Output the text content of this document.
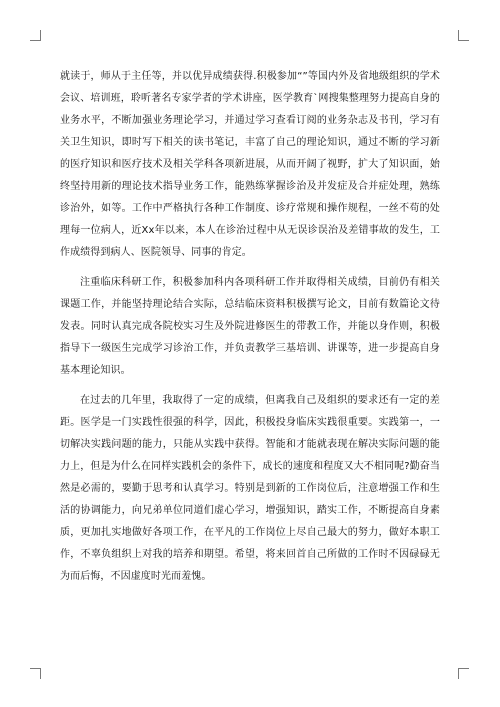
就读于，师从于主任等，并以优异成绩获得.积极参加“”等国内外及省地级组织的学术会议、培训班，聆听著名专家学者的学术讲座，医学教育`网搜集整理努力提高自身的业务水平，不断加强业务理论学习，并通过学习查看订阅的业务杂志及书刊，学习有关卫生知识，即时写下相关的读书笔记，丰富了自己的理论知识，通过不断的学习新的医疗知识和医疗技术及相关学科各项新进展，从而开阔了视野，扩大了知识面，始终坚持用新的理论技术指导业务工作，能熟练掌握诊治及并发症及合并症处理，熟练诊治外，如等。工作中严格执行各种工作制度、诊疗常规和操作规程，一丝不苟的处理每一位病人，近Xx年以来，本人在诊治过程中从无误诊误治及差错事故的发生，工作成绩得到病人、医院领导、同事的肯定。

注重临床科研工作，积极参加科内各项科研工作并取得相关成绩，目前仍有相关课题工作，并能坚持理论结合实际，总结临床资料积极撰写论文，目前有数篇论文待发表。同时认真完成各院校实习生及外院进修医生的带教工作，并能以身作则，积极指导下一级医生完成学习诊治工作，并负责教学三基培训、讲课等，进一步提高自身基本理论知识。

在过去的几年里，我取得了一定的成绩，但离我自己及组织的要求还有一定的差距。医学是一门实践性很强的科学，因此，积极投身临床实践很重要。实践第一，一切解决实践问题的能力，只能从实践中获得。智能和才能就表现在解决实际问题的能力上，但是为什么在同样实践机会的条件下，成长的速度和程度又大不相同呢?勤奋当然是必需的，要勤于思考和认真学习。特别是到新的工作岗位后，注意增强工作和生活的协调能力，向兄弟单位同道们虚心学习，增强知识，踏实工作，不断提高自身素质，更加扎实地做好各项工作，在平凡的工作岗位上尽自己最大的努力，做好本职工作，不辜负组织上对我的培养和期望。希望，将来回首自己所做的工作时不因碌碌无为而后悔，不因虚度时光而羞愧。
